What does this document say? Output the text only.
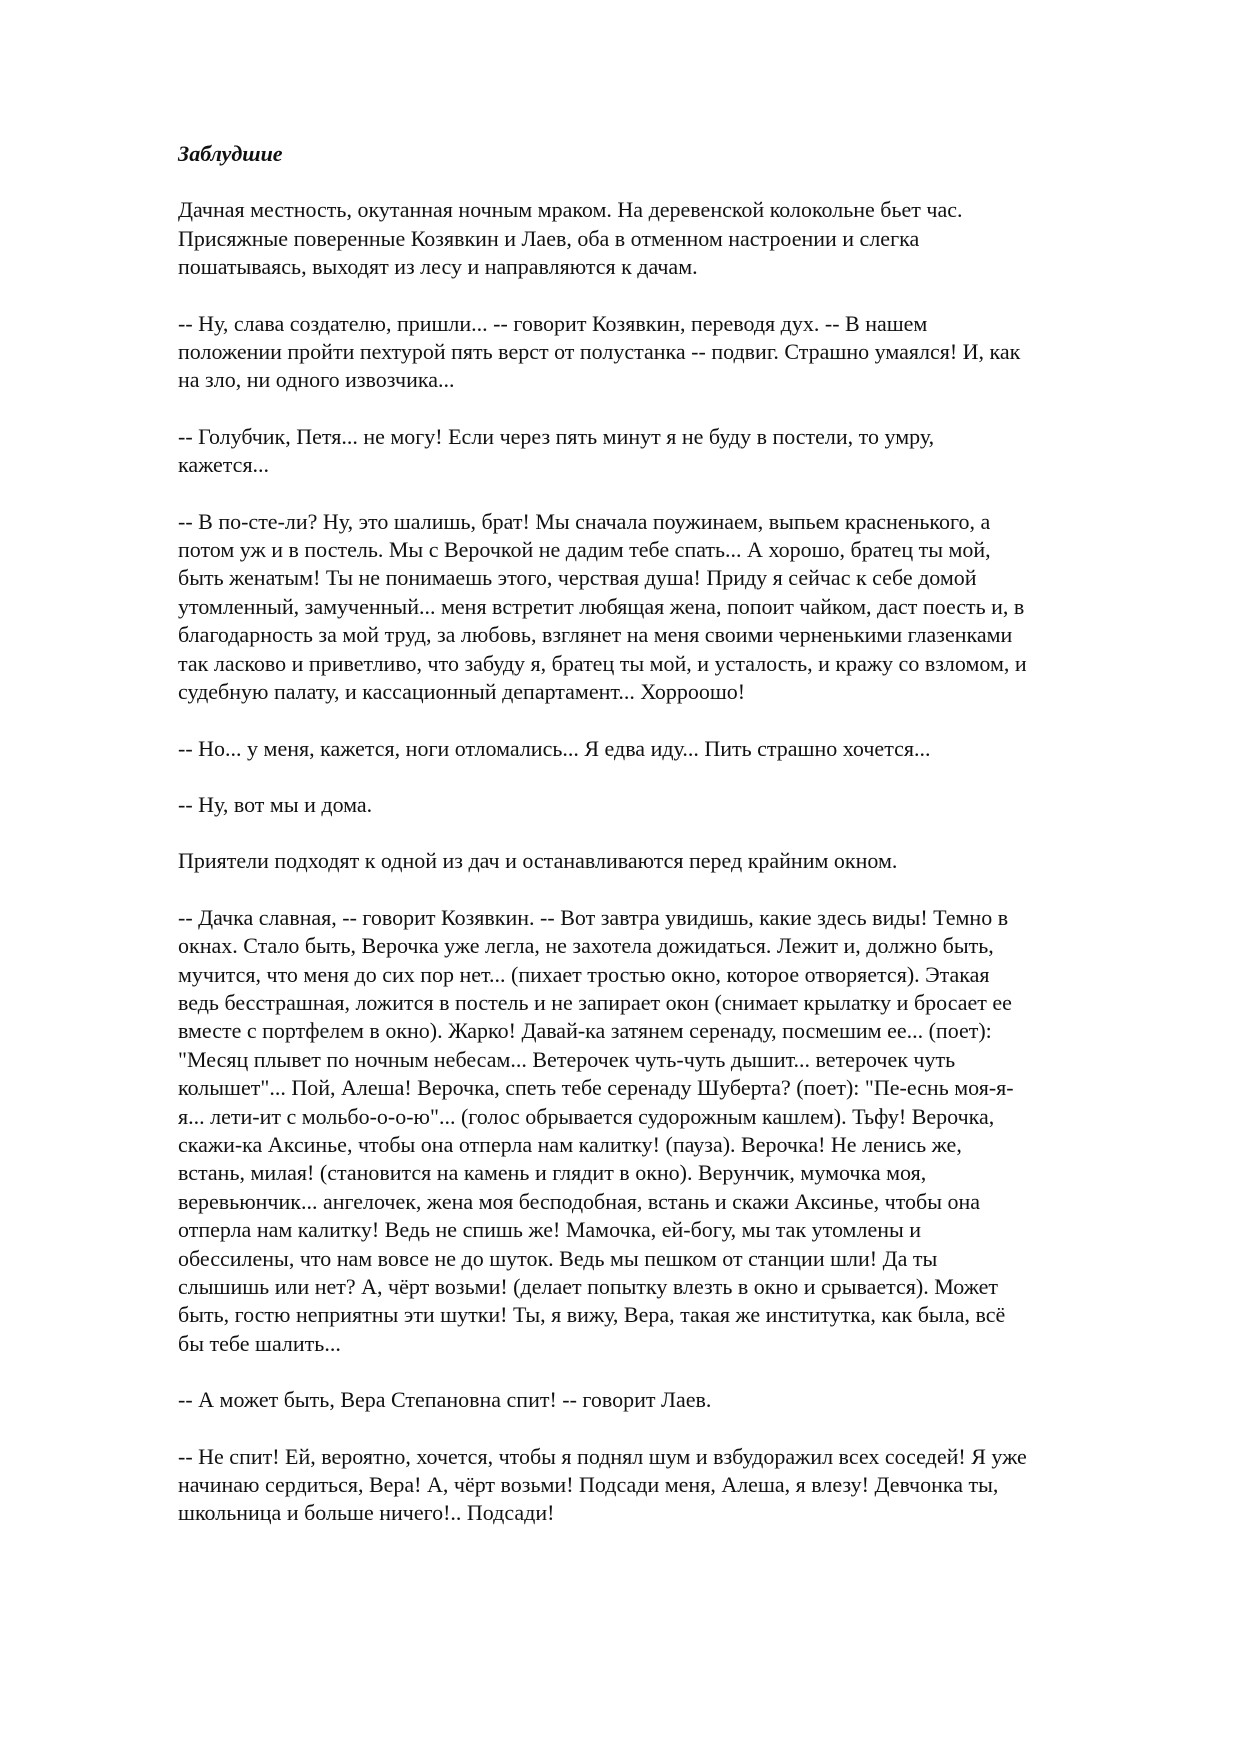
Заблудшие
Дачная местность, окутанная ночным мраком. На деревенской колокольне бьет час.
Присяжные поверенные Козявкин и Лаев, оба в отменном настроении и слегка
пошатываясь, выходят из лесу и направляются к дачам.
-- Ну, слава создателю, пришли... -- говорит Козявкин, переводя дух. -- В нашем
положении пройти пехтурой пять верст от полустанка -- подвиг. Страшно умаялся! И, как
на зло, ни одного извозчика...
-- Голубчик, Петя... не могу! Если через пять минут я не буду в постели, то умру,
кажется...
-- В по-сте-ли? Ну, это шалишь, брат! Мы сначала поужинаем, выпьем красненького, а
потом уж и в постель. Мы с Верочкой не дадим тебе спать... А хорошо, братец ты мой,
быть женатым! Ты не понимаешь этого, черствая душа! Приду я сейчас к себе домой
утомленный, замученный... меня встретит любящая жена, попоит чайком, даст поесть и, в
благодарность за мой труд, за любовь, взглянет на меня своими черненькими глазенками
так ласково и приветливо, что забуду я, братец ты мой, и усталость, и кражу со взломом, и
судебную палату, и кассационный департамент... Хорроошо!
-- Но... у меня, кажется, ноги отломались... Я едва иду... Пить страшно хочется...
-- Ну, вот мы и дома.
Приятели подходят к одной из дач и останавливаются перед крайним окном.
-- Дачка славная, -- говорит Козявкин. -- Вот завтра увидишь, какие здесь виды! Темно в
окнах. Стало быть, Верочка уже легла, не захотела дожидаться. Лежит и, должно быть,
мучится, что меня до сих пор нет... (пихает тростью окно, которое отворяется). Этакая
ведь бесстрашная, ложится в постель и не запирает окон (снимает крылатку и бросает ее
вместе с портфелем в окно). Жарко! Давай-ка затянем серенаду, посмешим ее... (поет):
"Месяц плывет по ночным небесам... Ветерочек чуть-чуть дышит... ветерочек чуть
колышет"... Пой, Алеша! Верочка, спеть тебе серенаду Шуберта? (поет): "Пе-еснь моя-я-
я... лети-ит с мольбо-о-о-ю"... (голос обрывается судорожным кашлем). Тьфу! Верочка,
скажи-ка Аксинье, чтобы она отперла нам калитку! (пауза). Верочка! Не ленись же,
встань, милая! (становится на камень и глядит в окно). Верунчик, мумочка моя,
веревьюнчик... ангелочек, жена моя бесподобная, встань и скажи Аксинье, чтобы она
отперла нам калитку! Ведь не спишь же! Мамочка, ей-богу, мы так утомлены и
обессилены, что нам вовсе не до шуток. Ведь мы пешком от станции шли! Да ты
слышишь или нет? А, чёрт возьми! (делает попытку влезть в окно и срывается). Может
быть, гостю неприятны эти шутки! Ты, я вижу, Вера, такая же институтка, как была, всё
бы тебе шалить...
-- А может быть, Вера Степановна спит! -- говорит Лаев.
-- Не спит! Ей, вероятно, хочется, чтобы я поднял шум и взбудоражил всех соседей! Я уже
начинаю сердиться, Вера! А, чёрт возьми! Подсади меня, Алеша, я влезу! Девчонка ты,
школьница и больше ничего!.. Подсади!
